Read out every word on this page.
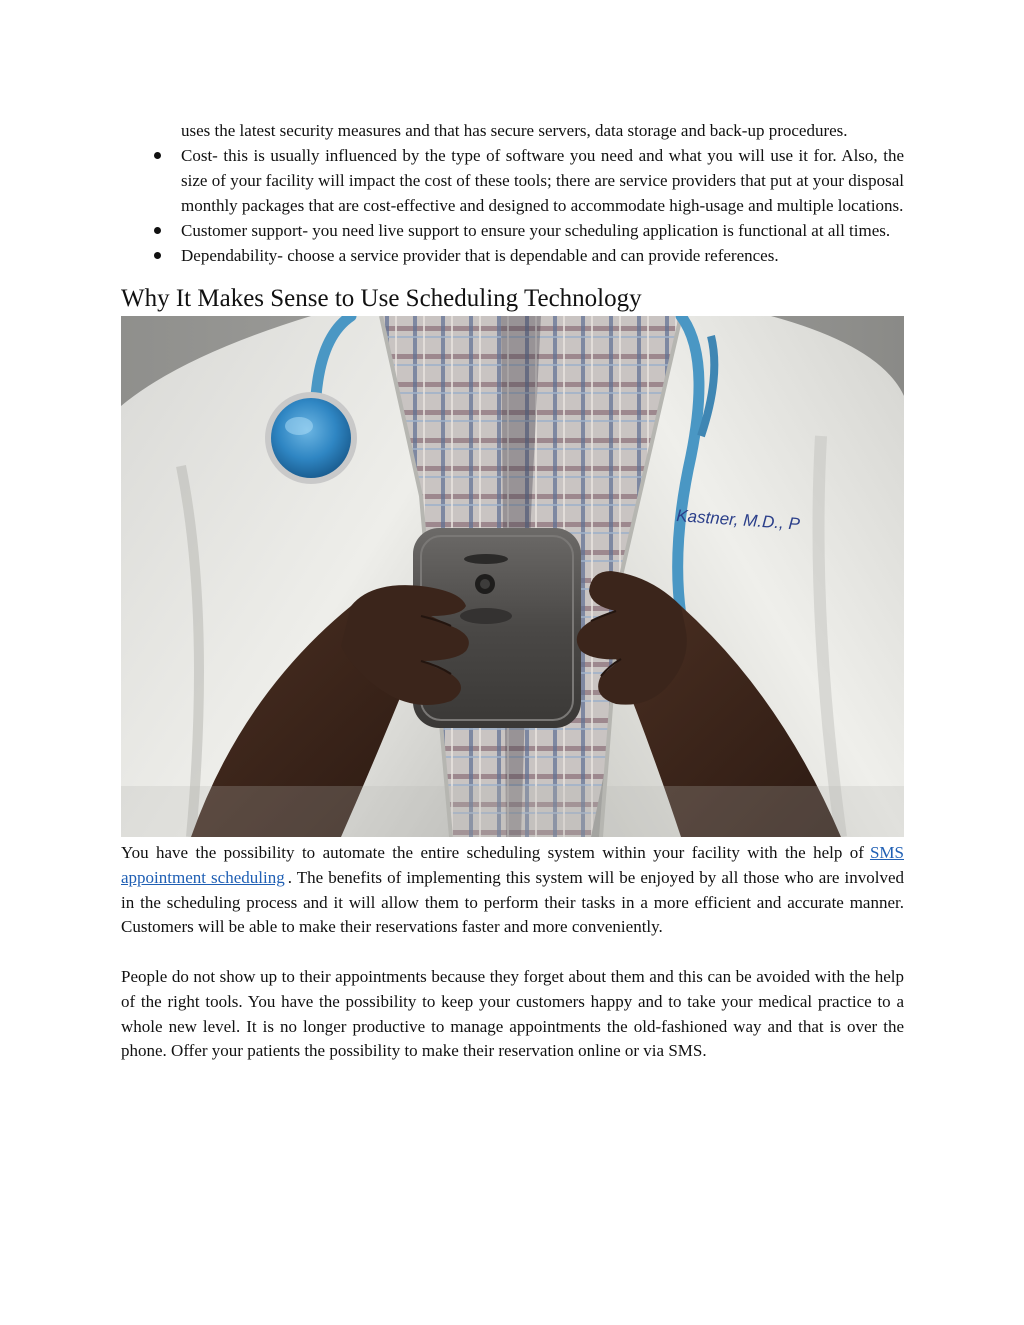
uses the latest security measures and that has secure servers, data storage and back-up procedures.

Cost- this is usually influenced by the type of software you need and what you will use it for. Also, the size of your facility will impact the cost of these tools; there are service providers that put at your disposal monthly packages that are cost-effective and designed to accommodate high-usage and multiple locations.
Customer support- you need live support to ensure your scheduling application is functional at all times.
Dependability- choose a service provider that is dependable and can provide references.
Why It Makes Sense to Use Scheduling Technology
Kastner, M.D., P

You have the possibility to automate the entire scheduling system within your facility with the help of SMS appointment scheduling . The benefits of implementing this system will be enjoyed by all those who are involved in the scheduling process and it will allow them to perform their tasks in a more efficient and accurate manner. Customers will be able to make their reservations faster and more conveniently.

People do not show up to their appointments because they forget about them and this can be avoided with the help of the right tools. You have the possibility to keep your customers happy and to take your medical practice to a whole new level. It is no longer productive to manage appointments the old-fashioned way and that is over the phone. Offer your patients the possibility to make their reservation online or via SMS.
